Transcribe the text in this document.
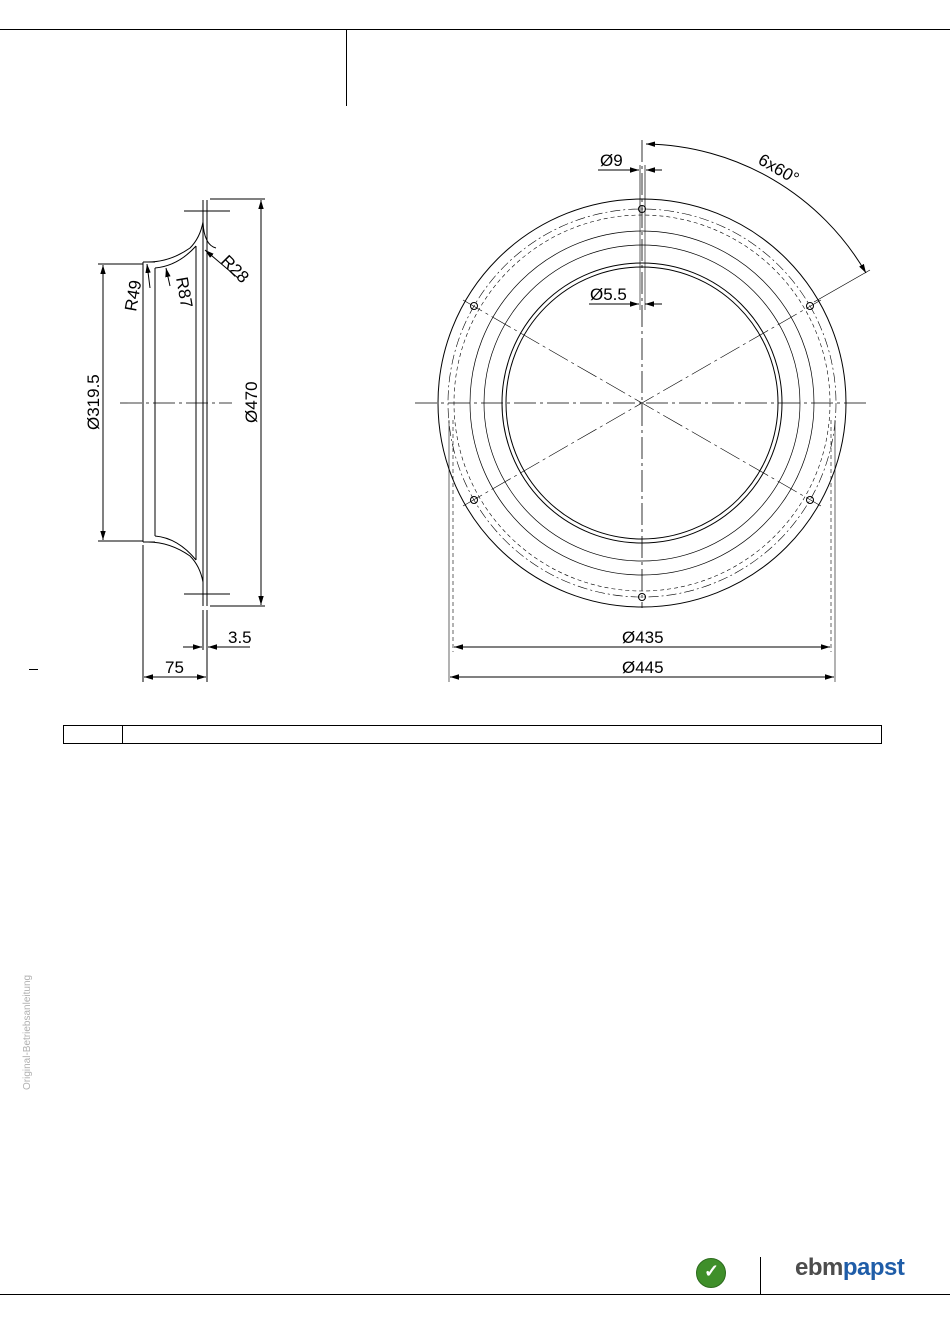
R49 R87
R28
Ø319.5	Ø470
75
3.5
Ø9	6x60°
Ø5.5
Ø435
Ø445
Original-Betriebsanleitung
✓	ebmpapst
